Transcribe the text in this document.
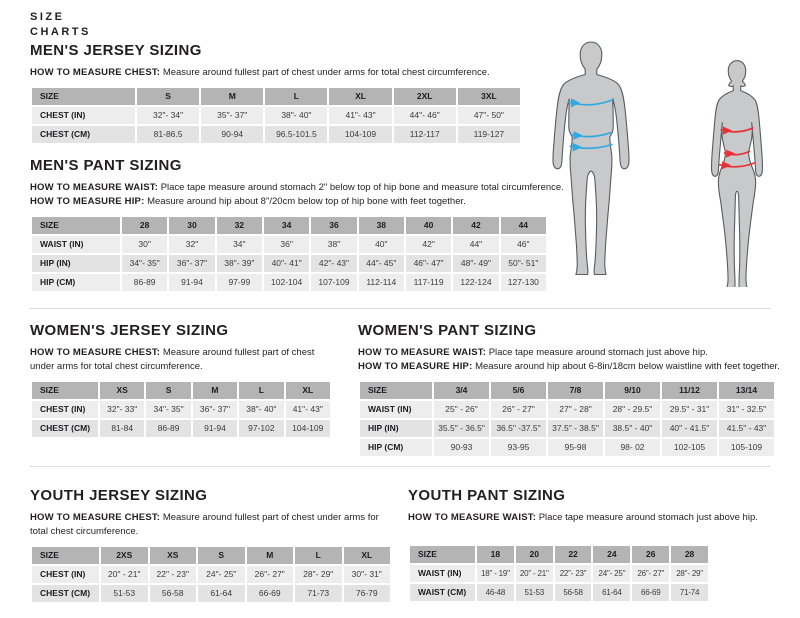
SIZE
CHARTS
MEN'S JERSEY SIZING

HOW TO MEASURE CHEST: Measure around fullest part of chest under arms for total chest circumference.

SIZE	S	M	L	XL	2XL	3XL
CHEST (IN)	32"- 34"	35"- 37"	38"- 40"	41"- 43"	44"- 46"	47"- 50"
CHEST (CM)	81-86.5	90-94	96.5-101.5	104-109	112-117	119-127
MEN'S PANT SIZING

HOW TO MEASURE WAIST: Place tape measure around stomach 2" below top of hip bone and measure total circumference.

HOW TO MEASURE HIP: Measure around hip about 8"/20cm below top of hip bone with feet together.

SIZE	28	30	32	34	36	38	40	42	44
WAIST (IN)	30"	32"	34"	36"	38"	40"	42"	44"	46"
HIP (IN)	34"- 35"	36"- 37"	38"- 39"	40"- 41"	42"- 43"	44"- 45"	46"- 47"	48"- 49"	50"- 51"
HIP (CM)	86-89	91-94	97-99	102-104	107-109	112-114	117-119	122-124	127-130
WOMEN'S JERSEY SIZING

HOW TO MEASURE CHEST: Measure around fullest part of chest under arms for total chest circumference.

SIZE	XS	S	M	L	XL
CHEST (IN)	32"- 33"	34"- 35"	36"- 37"	38"- 40"	41"- 43"
CHEST (CM)	81-84	86-89	91-94	97-102	104-109
WOMEN'S PANT SIZING

HOW TO MEASURE WAIST: Place tape measure around stomach just above hip.

HOW TO MEASURE HIP: Measure around hip about 6-8in/18cm below waistline with feet together.

SIZE	3/4	5/6	7/8	9/10	11/12	13/14
WAIST (IN)	25" - 26"	26" - 27"	27" - 28"	28" - 29.5"	29.5" - 31"	31" - 32.5"
HIP (IN)	35.5" - 36.5"	36.5" -37.5"	37.5" - 38.5"	38.5" - 40"	40" - 41.5"	41.5" - 43"
HIP (CM)	90-93	93-95	95-98	98- 02	102-105	105-109
YOUTH JERSEY SIZING

HOW TO MEASURE CHEST: Measure around fullest part of chest under arms for total chest circumference.

SIZE	2XS	XS	S	M	L	XL
CHEST (IN)	20" - 21"	22" - 23"	24"- 25"	26"- 27"	28"- 29"	30"- 31"
CHEST (CM)	51-53	56-58	61-64	66-69	71-73	76-79
YOUTH PANT SIZING

HOW TO MEASURE WAIST: Place tape measure around stomach just above hip.

SIZE	18	20	22	24	26	28
WAIST (IN)	18" - 19"	20" - 21"	22"- 23"	24"- 25"	26"- 27"	28"- 29"
WAIST (CM)	46-48	51-53	56-58	61-64	66-69	71-74
